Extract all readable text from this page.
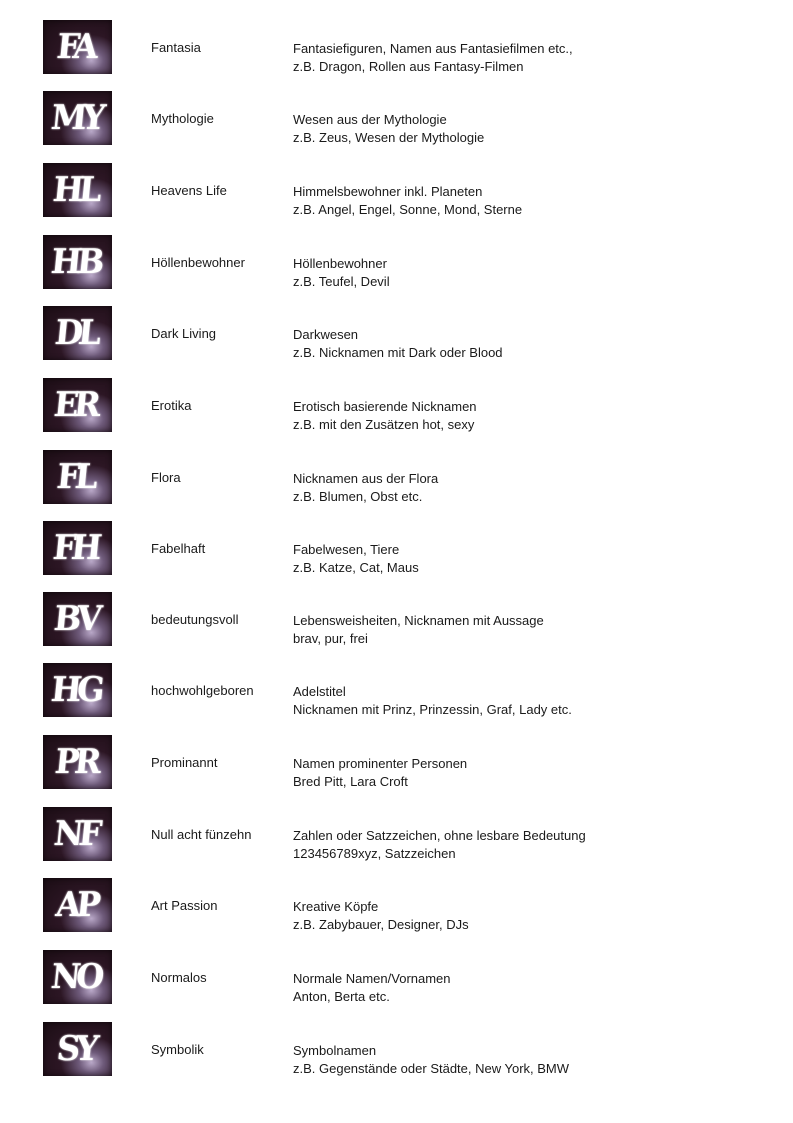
FA	Fantasia	Fantasiefiguren, Namen aus Fantasiefilmen etc.,
z.B. Dragon, Rollen aus Fantasy-Filmen
MY	Mythologie	Wesen aus der Mythologie
z.B. Zeus, Wesen der Mythologie
HL	Heavens Life	Himmelsbewohner inkl. Planeten
z.B. Angel, Engel, Sonne, Mond, Sterne
HB	Höllenbewohner	Höllenbewohner
z.B. Teufel, Devil
DL	Dark Living	Darkwesen
z.B. Nicknamen mit Dark oder Blood
ER	Erotika	Erotisch basierende Nicknamen
z.B. mit den Zusätzen hot, sexy
FL	Flora	Nicknamen aus der Flora
z.B. Blumen, Obst etc.
FH	Fabelhaft	Fabelwesen, Tiere
z.B. Katze, Cat, Maus
BV	bedeutungsvoll	Lebensweisheiten, Nicknamen mit Aussage
brav, pur, frei
HG	hochwohlgeboren	Adelstitel
Nicknamen mit Prinz, Prinzessin, Graf, Lady etc.
PR	Prominannt	Namen prominenter Personen
Bred Pitt, Lara Croft
NF	Null acht fünzehn	Zahlen oder Satzzeichen, ohne lesbare Bedeutung
123456789xyz, Satzzeichen
AP	Art Passion	Kreative Köpfe
z.B. Zabybauer, Designer, DJs
NO	Normalos	Normale Namen/Vornamen
Anton, Berta etc.
SY	Symbolik	Symbolnamen
z.B. Gegenstände oder Städte, New York, BMW
